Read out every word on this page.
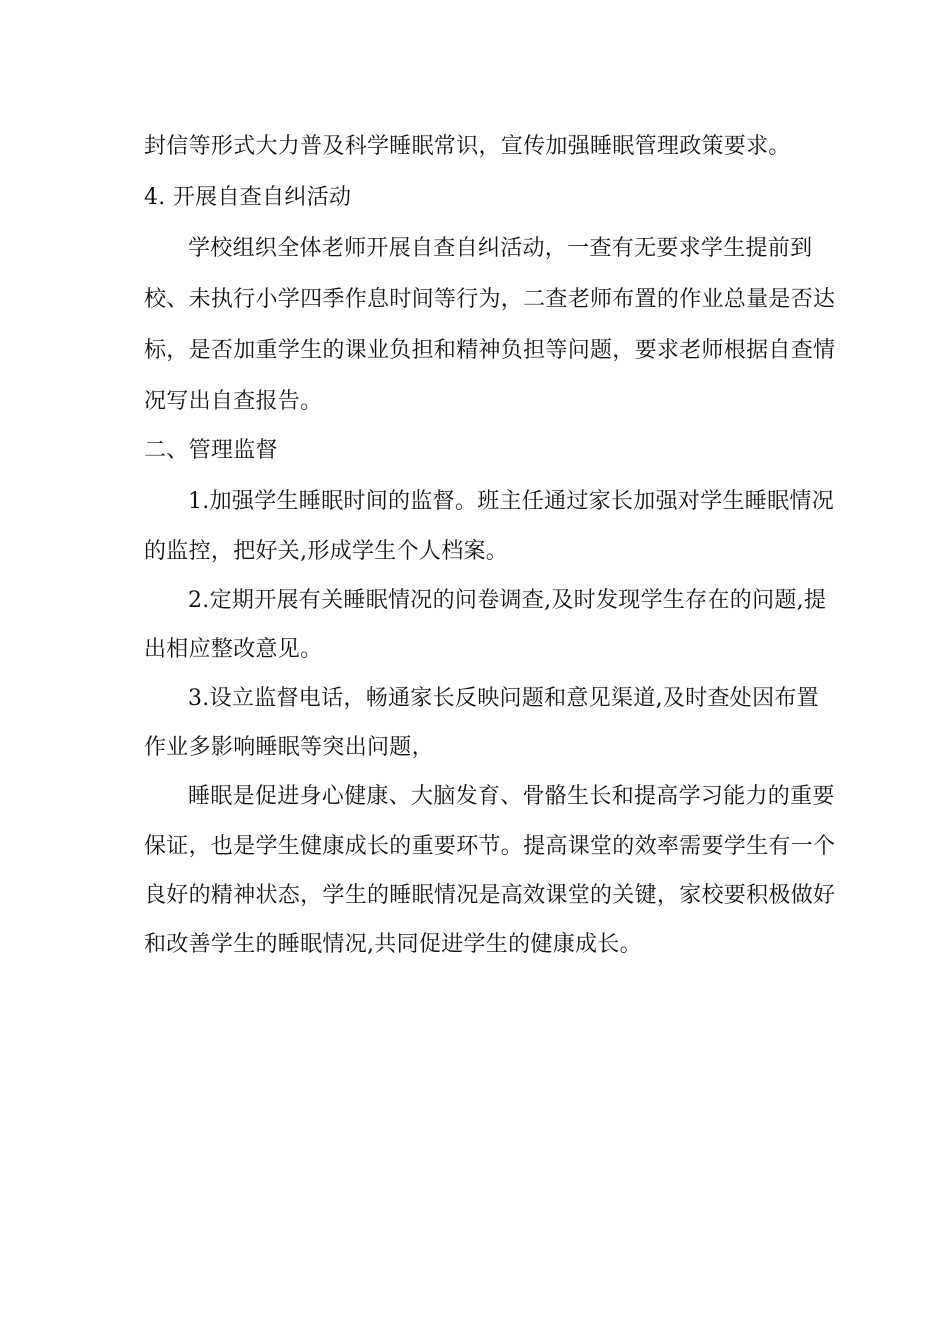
封信等形式大力普及科学睡眠常识，宣传加强睡眠管理政策要求。
4. 开展自查自纠活动
学校组织全体老师开展自查自纠活动，一查有无要求学生提前到
校、未执行小学四季作息时间等行为，二查老师布置的作业总量是否达
标，是否加重学生的课业负担和精神负担等问题，要求老师根据自查情
况写出自查报告。
二、管理监督
1.加强学生睡眠时间的监督。班主任通过家长加强对学生睡眠情况
的监控，把好关,形成学生个人档案。
2.定期开展有关睡眠情况的问卷调查,及时发现学生存在的问题,提
出相应整改意见。
3.设立监督电话，畅通家长反映问题和意见渠道,及时查处因布置
作业多影响睡眠等突出问题，
睡眠是促进身心健康、大脑发育、骨骼生长和提高学习能力的重要
保证，也是学生健康成长的重要环节。提高课堂的效率需要学生有一个
良好的精神状态，学生的睡眠情况是高效课堂的关键，家校要积极做好
和改善学生的睡眠情况,共同促进学生的健康成长。
